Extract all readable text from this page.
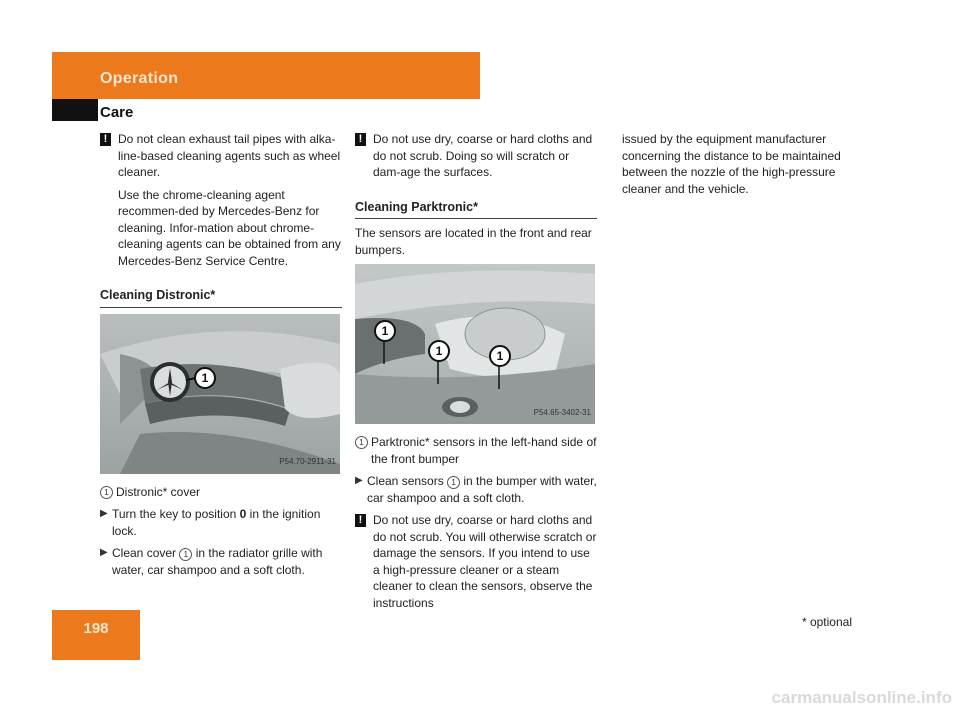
Operation
Care

! Do not clean exhaust tail pipes with alka-line-based cleaning agents such as wheel cleaner.

Use the chrome-cleaning agent recommen-ded by Mercedes-Benz for cleaning. Infor-mation about chrome-cleaning agents can be obtained from any Mercedes-Benz Service Centre.

Cleaning Distronic*
1
P54.70-2911-31

1 Distronic* cover

▶ Turn the key to position 0 in the ignition lock.

▶ Clean cover 1 in the radiator grille with water, car shampoo and a soft cloth.

! Do not use dry, coarse or hard cloths and do not scrub. Doing so will scratch or dam-age the surfaces.

Cleaning Parktronic*

The sensors are located in the front and rear bumpers.

1
1	1
P54.65-3402-31

1 Parktronic* sensors in the left-hand side of the front bumper

▶ Clean sensors 1 in the bumper with water, car shampoo and a soft cloth.

! Do not use dry, coarse or hard cloths and do not scrub. You will otherwise scratch or damage the sensors. If you intend to use a high-pressure cleaner or a steam cleaner to clean the sensors, observe the instructions

issued by the equipment manufacturer concerning the distance to be maintained between the nozzle of the high-pressure cleaner and the vehicle.

198	* optional
carmanualsonline.info
